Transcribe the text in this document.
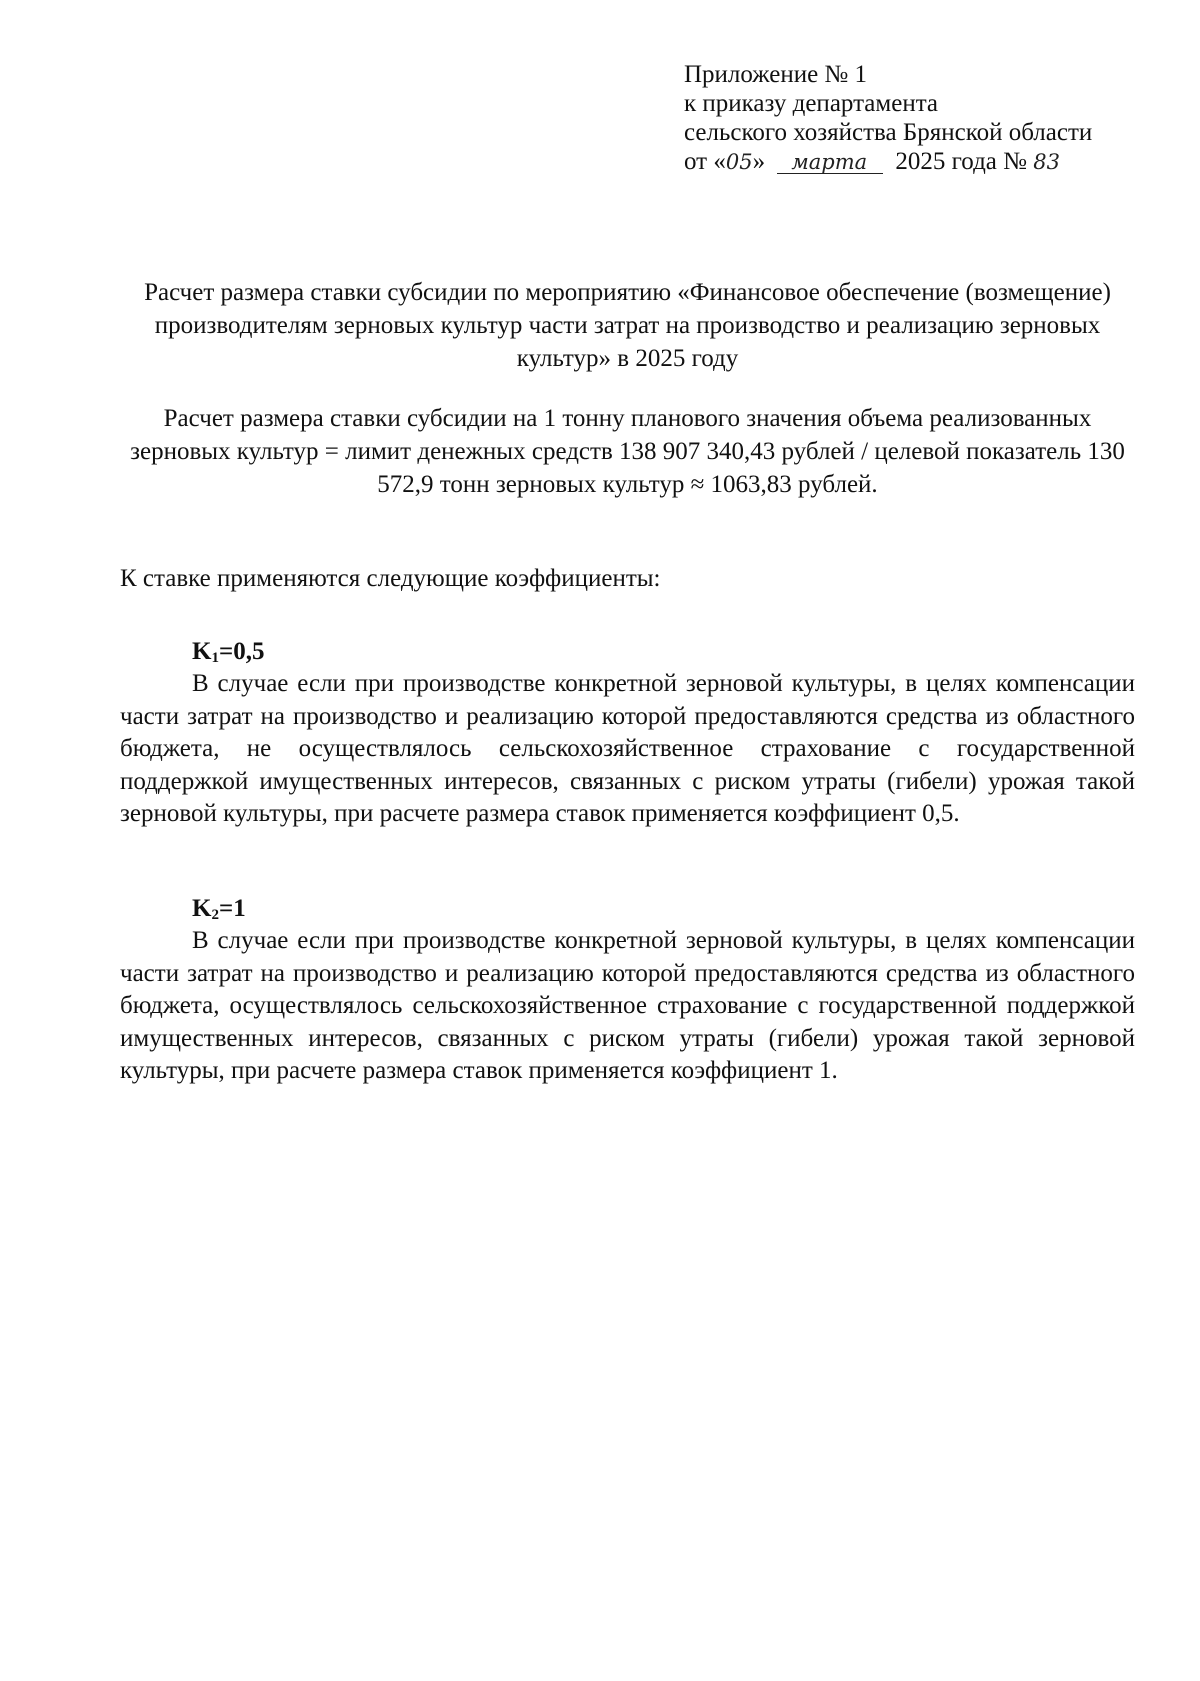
Приложение № 1
к приказу департамента
сельского хозяйства Брянской области
от «05» марта 2025 года № 83
Расчет размера ставки субсидии по мероприятию «Финансовое обеспечение (возмещение) производителям зерновых культур части затрат на производство и реализацию зерновых культур» в 2025 году
Расчет размера ставки субсидии на 1 тонну планового значения объема реализованных зерновых культур = лимит денежных средств 138 907 340,43 рублей / целевой показатель 130 572,9 тонн зерновых культур ≈ 1063,83 рублей.
К ставке применяются следующие коэффициенты:
$K_1=0,5$
В случае если при производстве конкретной зерновой культуры, в целях компенсации части затрат на производство и реализацию которой предоставляются средства из областного бюджета, не осуществлялось сельскохозяйственное страхование с государственной поддержкой имущественных интересов, связанных с риском утраты (гибели) урожая такой зерновой культуры, при расчете размера ставок применяется коэффициент 0,5.
$K_2=1$
В случае если при производстве конкретной зерновой культуры, в целях компенсации части затрат на производство и реализацию которой предоставляются средства из областного бюджета, осуществлялось сельскохозяйственное страхование с государственной поддержкой имущественных интересов, связанных с риском утраты (гибели) урожая такой зерновой культуры, при расчете размера ставок применяется коэффициент 1.
